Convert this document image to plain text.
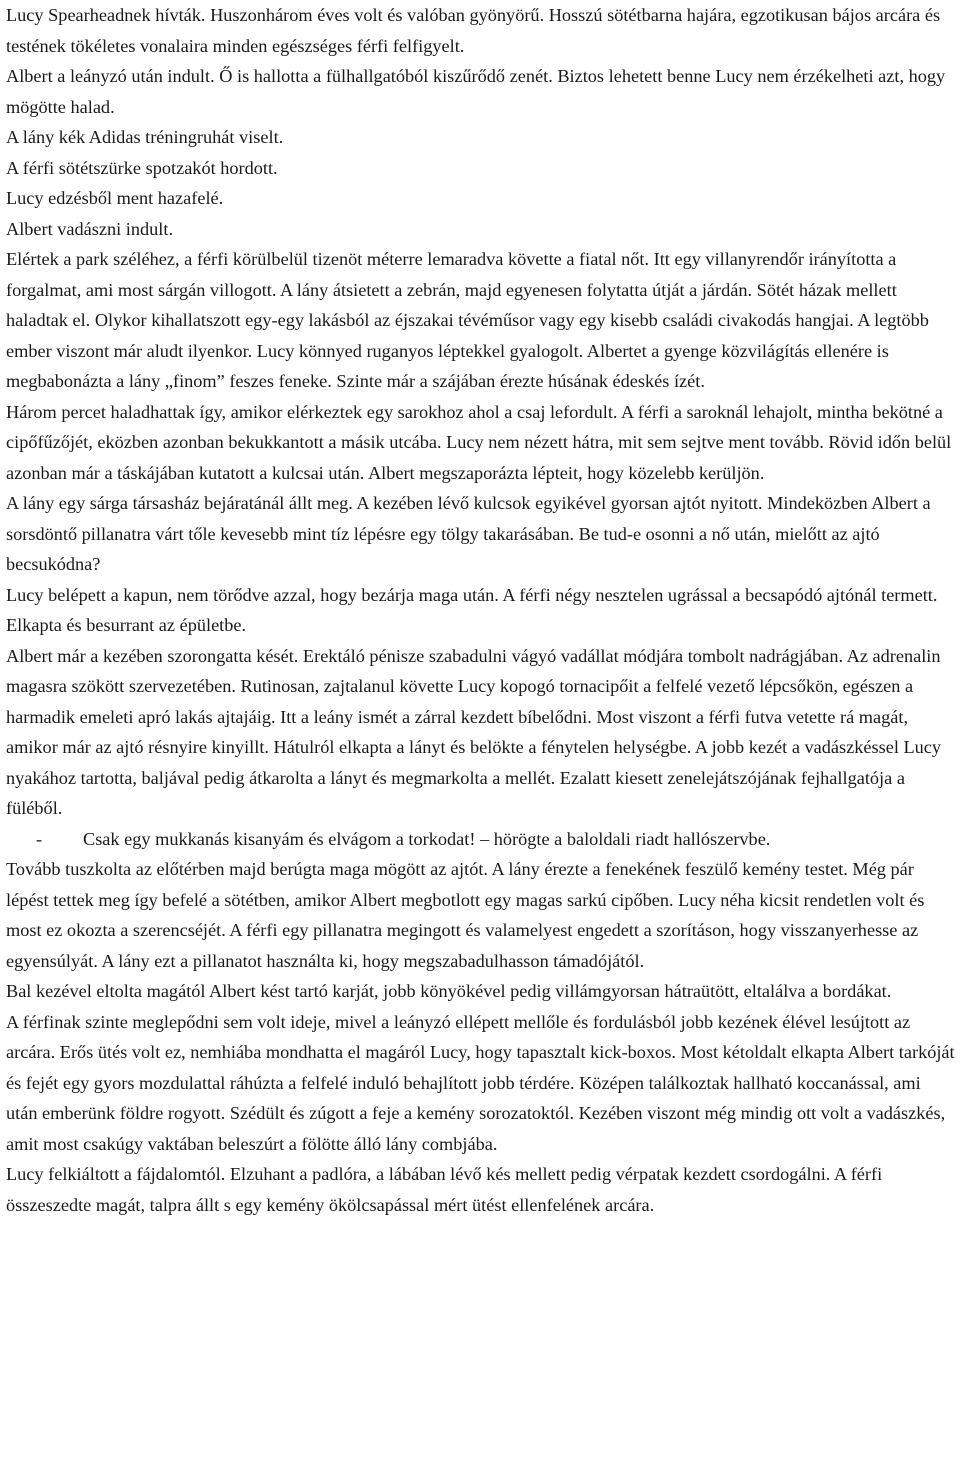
Lucy Spearheadnek hívták. Huszonhárom éves volt és valóban gyönyörű. Hosszú sötétbarna hajára, egzotikusan bájos arcára és testének tökéletes vonalaira minden egészséges férfi felfigyelt.

Albert a leányzó után indult. Ő is hallotta a fülhallgatóból kiszűrődő zenét. Biztos lehetett benne Lucy nem érzékelheti azt, hogy mögötte halad.

A lány kék Adidas tréningruhát viselt.

A férfi sötétszürke spotzakót hordott.

Lucy edzésből ment hazafelé.

Albert vadászni indult.

Elértek a park széléhez, a férfi körülbelül tizenöt méterre lemaradva követte a fiatal nőt. Itt egy villanyrendőr irányította a forgalmat, ami most sárgán villogott. A lány átsietett a zebrán, majd egyenesen folytatta útját a járdán. Sötét házak mellett haladtak el. Olykor kihallatszott egy-egy lakásból az éjszakai tévéműsor vagy egy kisebb családi civakodás hangjai. A legtöbb ember viszont már aludt ilyenkor. Lucy könnyed ruganyos léptekkel gyalogolt. Albertet a gyenge közvilágítás ellenére is megbabonázta a lány „finom” feszes feneke. Szinte már a szájában érezte húsának édeskés ízét.

Három percet haladhattak így, amikor elérkeztek egy sarokhoz ahol a csaj lefordult. A férfi a saroknál lehajolt, mintha bekötné a cipőfűzőjét, eközben azonban bekukkantott a másik utcába. Lucy nem nézett hátra, mit sem sejtve ment tovább. Rövid időn belül azonban már a táskájában kutatott a kulcsai után. Albert megszaporázta lépteit, hogy közelebb kerüljön.

A lány egy sárga társasház bejáratánál állt meg. A kezében lévő kulcsok egyikével gyorsan ajtót nyitott. Mindeközben Albert a sorsdöntő pillanatra várt tőle kevesebb mint tíz lépésre egy tölgy takarásában. Be tud-e osonni a nő után, mielőtt az ajtó becsukódna?

Lucy belépett a kapun, nem törődve azzal, hogy bezárja maga után. A férfi négy nesztelen ugrással a becsapódó ajtónál termett. Elkapta és besurrant az épületbe.

Albert már a kezében szorongatta kését. Erektáló pénisze szabadulni vágyó vadállat módjára tombolt nadrágjában. Az adrenalin magasra szökött szervezetében. Rutinosan, zajtalanul követte Lucy kopogó tornacipőit a felfelé vezető lépcsőkön, egészen a harmadik emeleti apró lakás ajtajáig. Itt a leány ismét a zárral kezdett bíbelődni. Most viszont a férfi futva vetette rá magát, amikor már az ajtó résnyire kinyillt. Hátulról elkapta a lányt és belökte a fénytelen helységbe. A jobb kezét a vadászkéssel Lucy nyakához tartotta, baljával pedig átkarolta a lányt és megmarkolta a mellét. Ezalatt kiesett zenelejátszójának fejhallgatója a füléből.

- Csak egy mukkanás kisanyám és elvágom a torkodat! – hörögte a baloldali riadt hallószervbe.

Tovább tuszkolta az előtérben majd berúgta maga mögött az ajtót. A lány érezte a fenekének feszülő kemény testet. Még pár lépést tettek meg így befelé a sötétben, amikor Albert megbotlott egy magas sarkú cipőben. Lucy néha kicsit rendetlen volt és most ez okozta a szerencséjét. A férfi egy pillanatra megingott és valamelyest engedett a szorításon, hogy visszanyerhesse az egyensúlyát. A lány ezt a pillanatot használta ki, hogy megszabadulhasson támadójától.

Bal kezével eltolta magától Albert kést tartó karját, jobb könyökével pedig villámgyorsan hátraütött, eltalálva a bordákat.

A férfinak szinte meglepődni sem volt ideje, mivel a leányzó ellépett mellőle és fordulásból jobb kezének élével lesújtott az arcára. Erős ütés volt ez, nemhiába mondhatta el magáról Lucy, hogy tapasztalt kick-boxos. Most kétoldalt elkapta Albert tarkóját és fejét egy gyors mozdulattal ráhúzta a felfelé induló behajlított jobb térdére. Középen találkoztak hallható koccanással, ami után emberünk földre rogyott. Szédült és zúgott a feje a kemény sorozatoktól. Kezében viszont még mindig ott volt a vadászkés, amit most csakúgy vaktában beleszúrt a fölötte álló lány combjába.

Lucy felkiáltott a fájdalomtól. Elzuhant a padlóra, a lábában lévő kés mellett pedig vérpatak kezdett csordogálni. A férfi összeszedte magát, talpra állt s egy kemény ökölcsapással mért ütést ellenfelének arcára.
